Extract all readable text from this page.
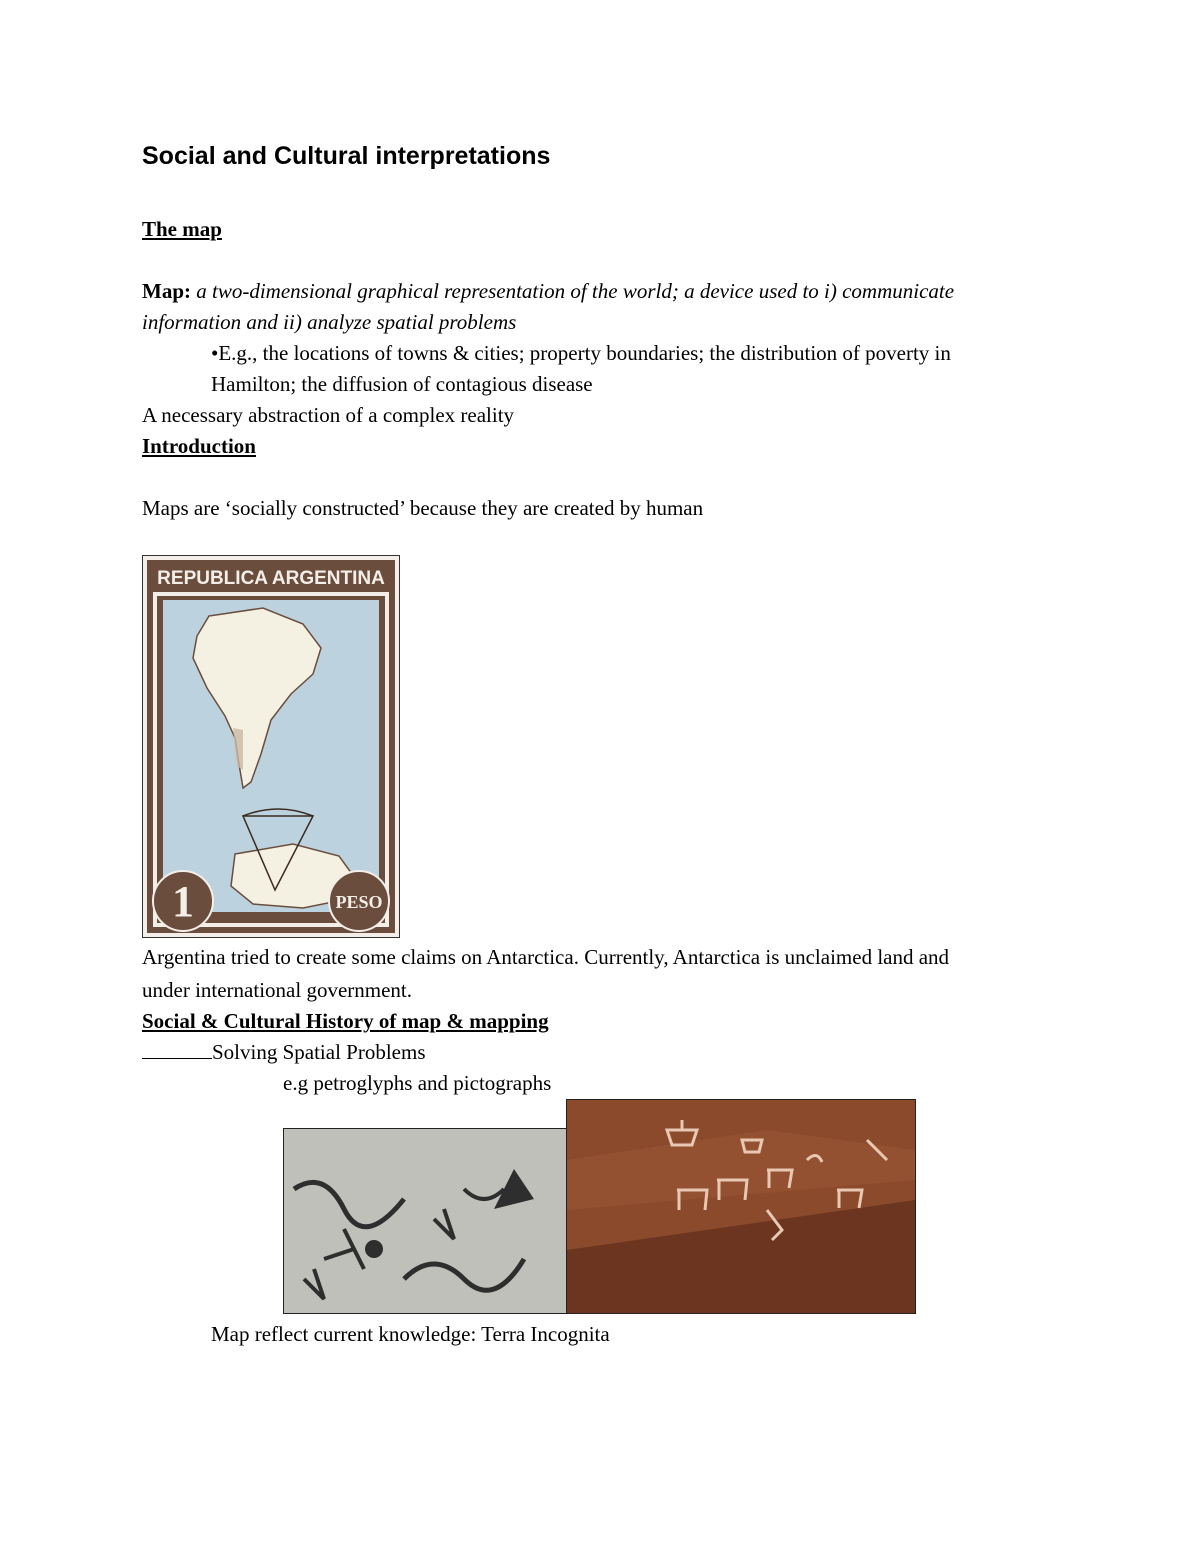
Social and Cultural interpretations
The map
Map: a two-dimensional graphical representation of the world; a device used to i) communicate
information and ii) analyze spatial problems
•E.g., the locations of towns & cities; property boundaries; the distribution of poverty in
Hamilton; the diffusion of contagious disease
A necessary abstraction of a complex reality
Introduction
Maps are ‘socially constructed’ because they are created by human
REPUBLICA ARGENTINA
1	PESO
Argentina tried to create some claims on Antarctica. Currently, Antarctica is unclaimed land and
under international government.
Social & Cultural History of map & mapping
Solving Spatial Problems
e.g petroglyphs and pictographs
Map reflect current knowledge: Terra Incognita
